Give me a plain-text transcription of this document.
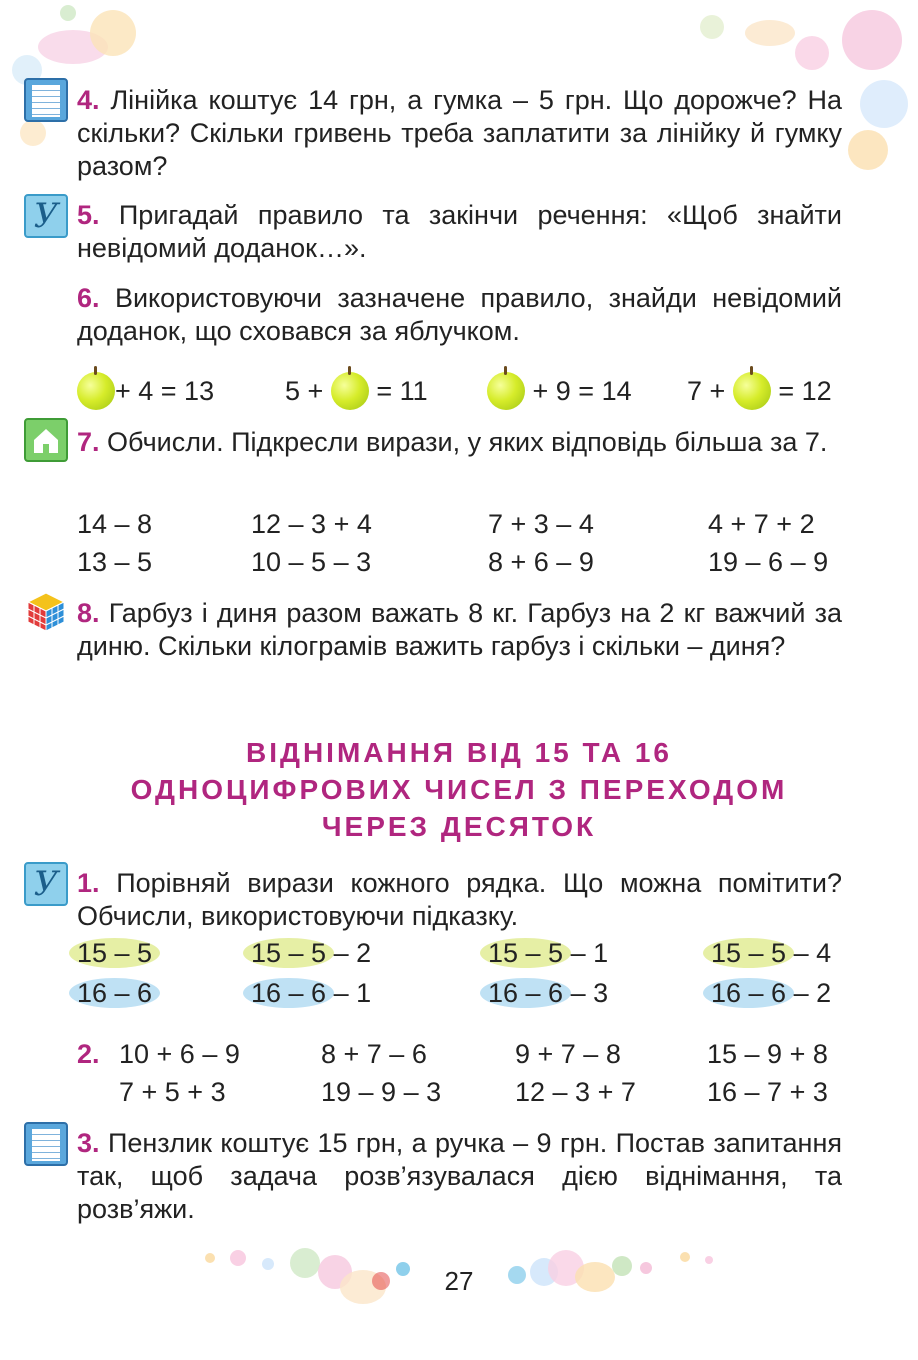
4. Лінійка коштує 14 грн, а гумка – 5 грн. Що дорожче? На скільки? Скільки гривень треба заплатити за лінійку й гумку разом?
У 5. Пригадай правило та закінчи речення: «Щоб знайти невідомий доданок…».
6. Використовуючи зазначене правило, знайди невідомий доданок, що сховався за яблучком.
+ 4 = 13	5 + = 11	+ 9 = 14 7 + = 12
7. Обчисли. Підкресли вирази, у яких відповідь більша за 7.
14 – 8	12 – 3 + 4	7 + 3 – 4	4 + 7 + 2
13 – 5	10 – 5 – 3	8 + 6 – 9	19 – 6 – 9
8. Гарбуз і диня разом важать 8 кг. Гарбуз на 2 кг важчий за диню. Скільки кілограмів важить гарбуз і скільки – диня?
ВІДНІМАННЯ ВІД 15 ТА 16
ОДНОЦИФРОВИХ ЧИСЕЛ З ПЕРЕХОДОМ
ЧЕРЕЗ ДЕСЯТОК
У 1. Порівняй вирази кожного рядка. Що можна помітити? Обчисли, використовуючи підказку.
15 – 5	15 – 5 – 2	15 – 5 – 1	15 – 5 – 4
16 – 6	16 – 6 – 1	16 – 6 – 3	16 – 6 – 2
2. 10 + 6 – 9	8 + 7 – 6	9 + 7 – 8	15 – 9 + 8
7 + 5 + 3	19 – 9 – 3	12 – 3 + 7	16 – 7 + 3
3. Пензлик коштує 15 грн, а ручка – 9 грн. Постав запитання так, щоб задача розв’язувалася дією віднімання, та розв’яжи.
27
